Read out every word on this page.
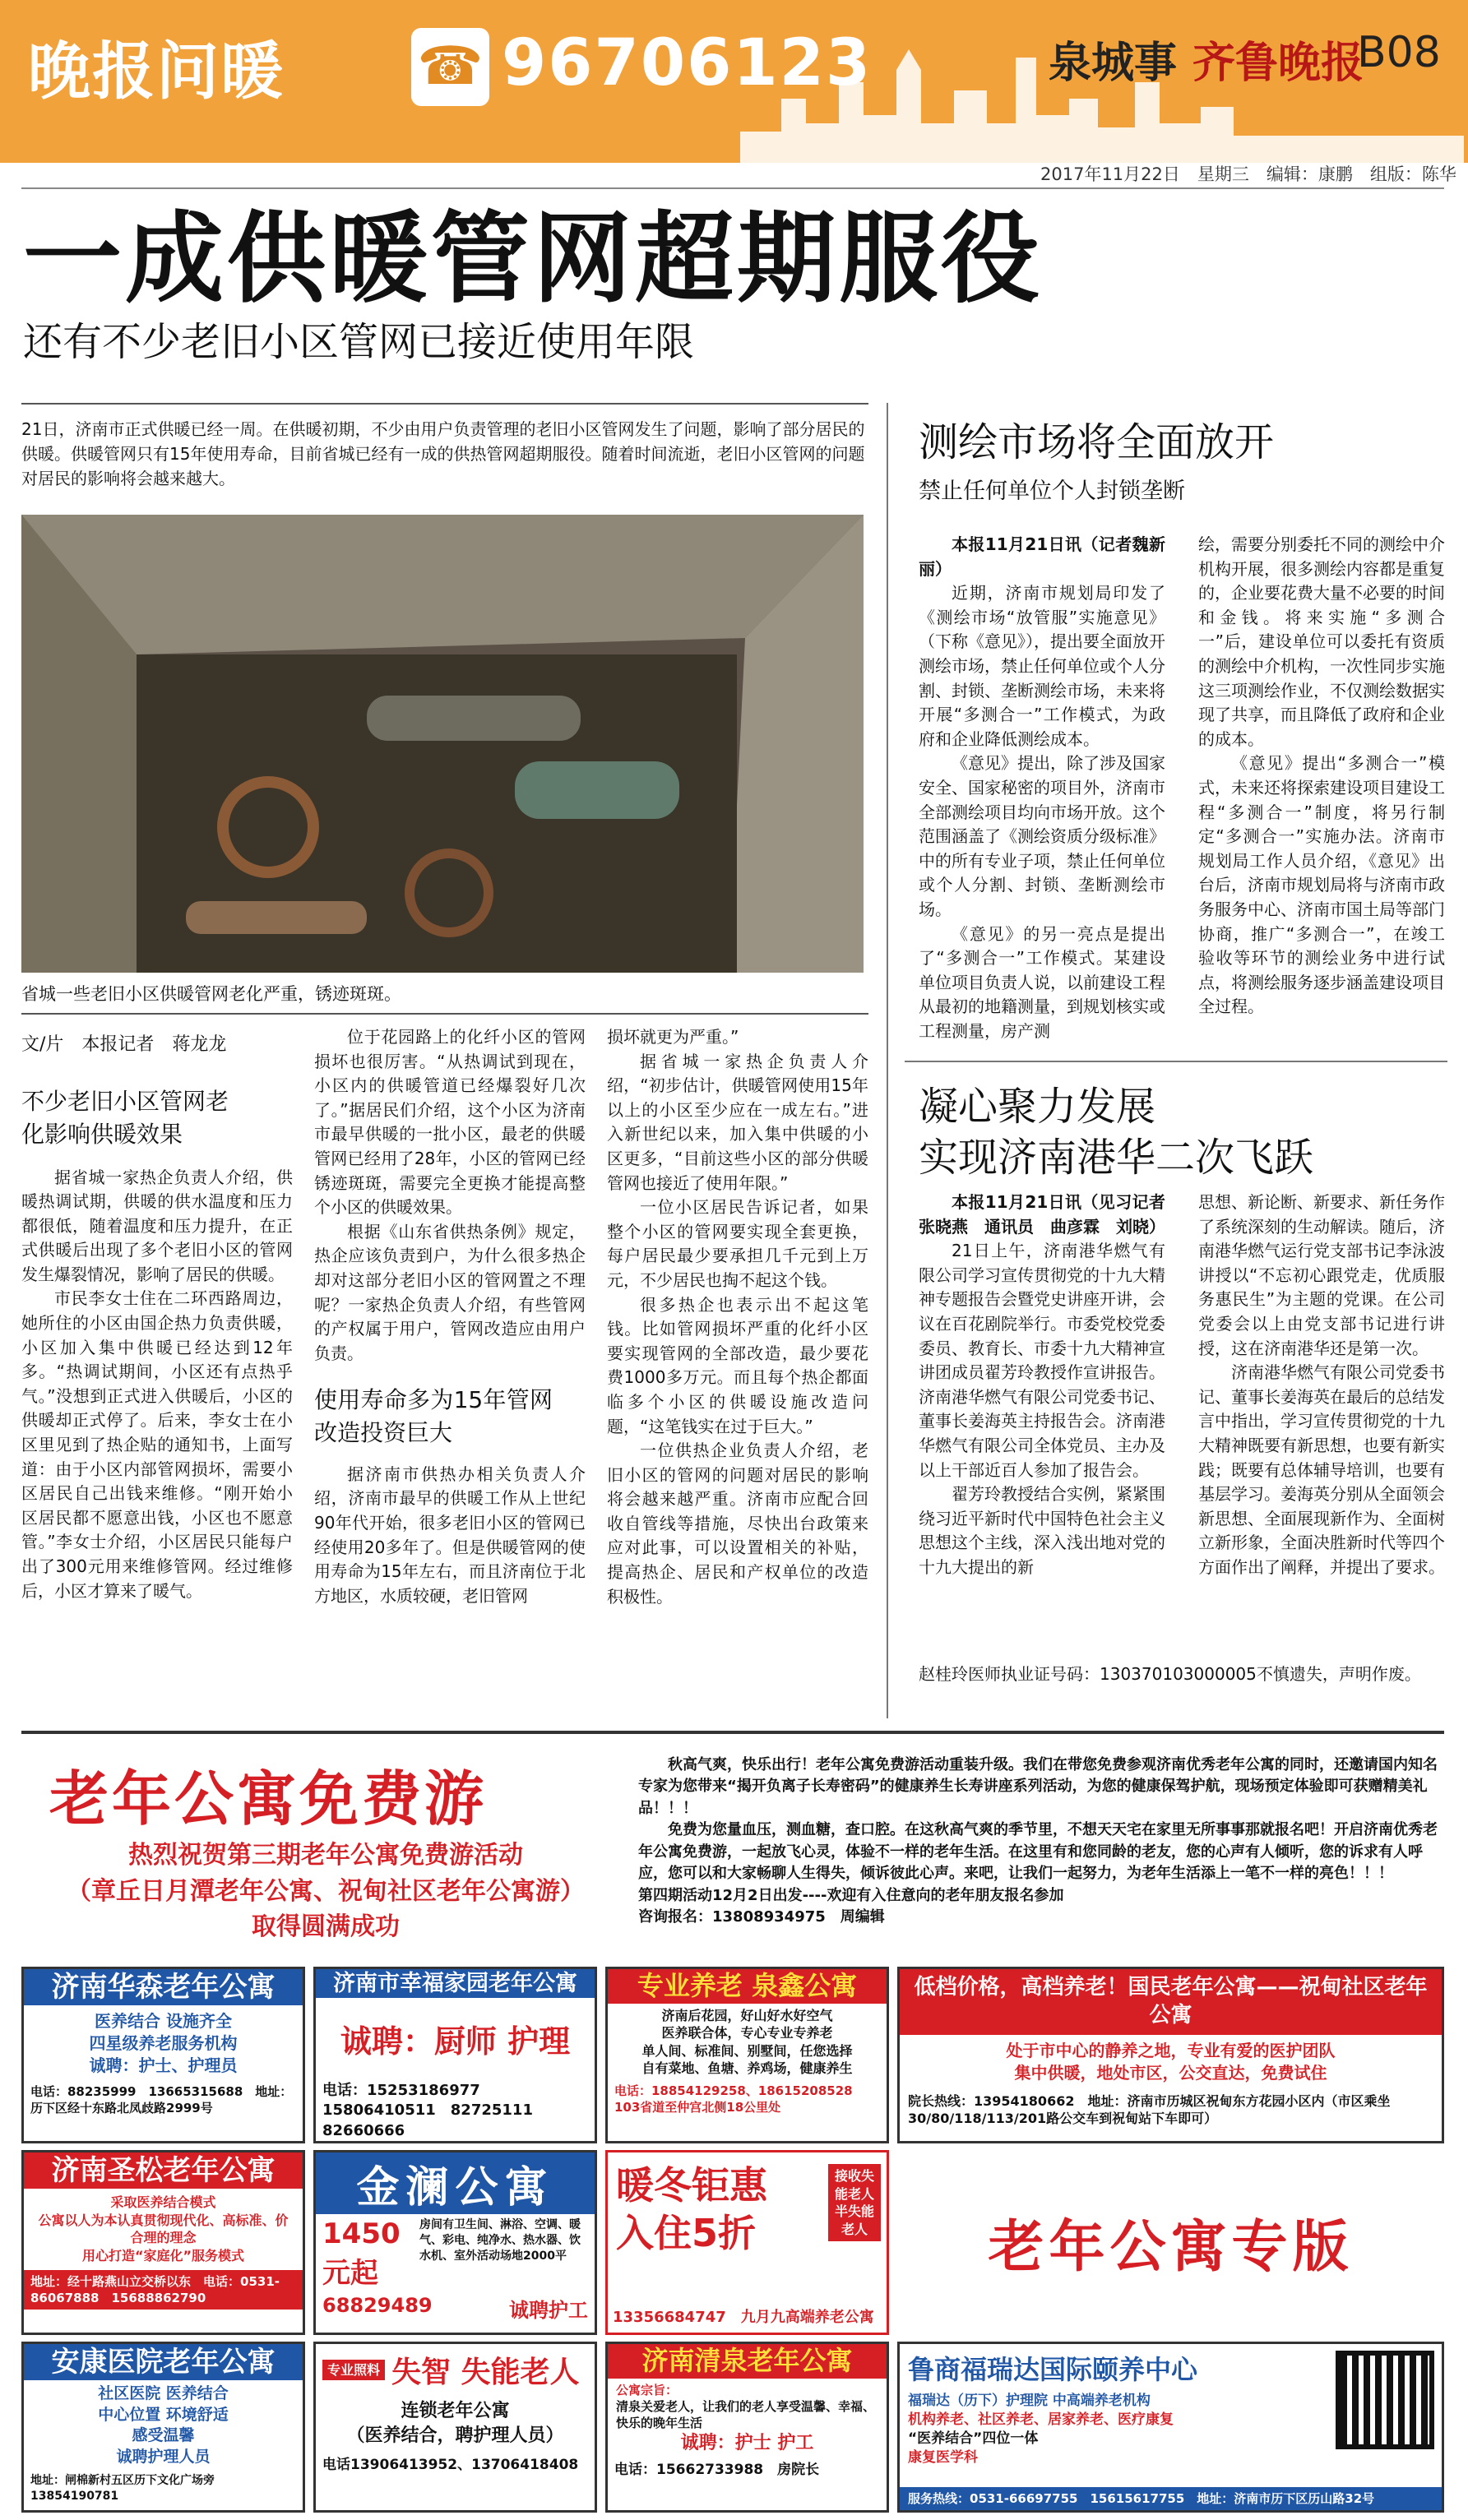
晚报问暖	☎ 96706123	泉城事 齐鲁晚报
B08
2017年11月22日　星期三　编辑：康鹏　组版：陈华
一成供暖管网超期服役
还有不少老旧小区管网已接近使用年限
21日，济南市正式供暖已经一周。在供暖初期，不少由用户负责管理的老旧小区管网发生了问题，影响了部分居民的供暖。供暖管网只有15年使用寿命，目前省城已经有一成的供热管网超期服役。随着时间流逝，老旧小区管网的问题对居民的影响将会越来越大。
省城一些老旧小区供暖管网老化严重，锈迹斑斑。
文/片　本报记者　蒋龙龙
不少老旧小区管网老化影响供暖效果

据省城一家热企负责人介绍，供暖热调试期，供暖的供水温度和压力都很低，随着温度和压力提升，在正式供暖后出现了多个老旧小区的管网发生爆裂情况，影响了居民的供暖。

市民李女士住在二环西路周边，她所住的小区由国企热力负责供暖，小区加入集中供暖已经达到12年多。“热调试期间，小区还有点热乎气。”没想到正式进入供暖后，小区的供暖却正式停了。后来，李女士在小区里见到了热企贴的通知书，上面写道：由于小区内部管网损坏，需要小区居民自己出钱来维修。“刚开始小区居民都不愿意出钱，小区也不愿意管。”李女士介绍，小区居民只能每户出了300元用来维修管网。经过维修后，小区才算来了暖气。

位于花园路上的化纤小区的管网损坏也很厉害。“从热调试到现在，小区内的供暖管道已经爆裂好几次了。”据居民们介绍，这个小区为济南市最早供暖的一批小区，最老的供暖管网已经用了28年，小区的管网已经锈迹斑斑，需要完全更换才能提高整个小区的供暖效果。

根据《山东省供热条例》规定，热企应该负责到户，为什么很多热企却对这部分老旧小区的管网置之不理呢？一家热企负责人介绍，有些管网的产权属于用户，管网改造应由用户负责。

使用寿命多为15年管网改造投资巨大

据济南市供热办相关负责人介绍，济南市最早的供暖工作从上世纪90年代开始，很多老旧小区的管网已经使用20多年了。但是供暖管网的使用寿命为15年左右，而且济南位于北方地区，水质较硬，老旧管网

损坏就更为严重。”

据省城一家热企负责人介绍，“初步估计，供暖管网使用15年以上的小区至少应在一成左右。”进入新世纪以来，加入集中供暖的小区更多，“目前这些小区的部分供暖管网也接近了使用年限。”

一位小区居民告诉记者，如果整个小区的管网要实现全套更换，每户居民最少要承担几千元到上万元，不少居民也掏不起这个钱。

很多热企也表示出不起这笔钱。比如管网损坏严重的化纤小区要实现管网的全部改造，最少要花费1000多万元。而且每个热企都面临多个小区的供暖设施改造问题，“这笔钱实在过于巨大。”

一位供热企业负责人介绍，老旧小区的管网的问题对居民的影响将会越来越严重。济南市应配合回收自管线等措施，尽快出台政策来应对此事，可以设置相关的补贴，提高热企、居民和产权单位的改造积极性。

测绘市场将全面放开
禁止任何单位个人封锁垄断

本报11月21日讯（记者魏新丽）

近期，济南市规划局印发了《测绘市场“放管服”实施意见》（下称《意见》），提出要全面放开测绘市场，禁止任何单位或个人分割、封锁、垄断测绘市场，未来将开展“多测合一”工作模式，为政府和企业降低测绘成本。

《意见》提出，除了涉及国家安全、国家秘密的项目外，济南市全部测绘项目均向市场开放。这个范围涵盖了《测绘资质分级标准》中的所有专业子项，禁止任何单位或个人分割、封锁、垄断测绘市场。

《意见》的另一亮点是提出了“多测合一”工作模式。某建设单位项目负责人说，以前建设工程从最初的地籍测量，到规划核实或工程测量，房产测

绘，需要分别委托不同的测绘中介机构开展，很多测绘内容都是重复的，企业要花费大量不必要的时间和金钱。将来实施“多测合一”后，建设单位可以委托有资质的测绘中介机构，一次性同步实施这三项测绘作业，不仅测绘数据实现了共享，而且降低了政府和企业的成本。

《意见》提出“多测合一”模式，未来还将探索建设项目建设工程“多测合一”制度，将另行制定“多测合一”实施办法。济南市规划局工作人员介绍，《意见》出台后，济南市规划局将与济南市政务服务中心、济南市国土局等部门协商，推广“多测合一”，在竣工验收等环节的测绘业务中进行试点，将测绘服务逐步涵盖建设项目全过程。

凝心聚力发展
实现济南港华二次飞跃

本报11月21日讯（见习记者　张晓燕　通讯员　曲彦霖　刘晓）

21日上午，济南港华燃气有限公司学习宣传贯彻党的十九大精神专题报告会暨党史讲座开讲，会议在百花剧院举行。市委党校党委委员、教育长、市委十九大精神宣讲团成员翟芳玲教授作宣讲报告。济南港华燃气有限公司党委书记、董事长姜海英主持报告会。济南港华燃气有限公司全体党员、主办及以上干部近百人参加了报告会。

翟芳玲教授结合实例，紧紧围绕习近平新时代中国特色社会主义思想这个主线，深入浅出地对党的十九大提出的新

思想、新论断、新要求、新任务作了系统深刻的生动解读。随后，济南港华燃气运行党支部书记李泳波讲授以“不忘初心跟党走，优质服务惠民生”为主题的党课。在公司党委会以上由党支部书记进行讲授，这在济南港华还是第一次。

济南港华燃气有限公司党委书记、董事长姜海英在最后的总结发言中指出，学习宣传贯彻党的十九大精神既要有新思想，也要有新实践；既要有总体辅导培训，也要有基层学习。姜海英分别从全面领会新思想、全面展现新作为、全面树立新形象，全面决胜新时代等四个方面作出了阐释，并提出了要求。

赵桂玲医师执业证号码：130370103000005不慎遗失，声明作废。
老年公寓免费游
热烈祝贺第三期老年公寓免费游活动
（章丘日月潭老年公寓、祝甸社区老年公寓游）
取得圆满成功

秋高气爽，快乐出行！老年公寓免费游活动重装升级。我们在带您免费参观济南优秀老年公寓的同时，还邀请国内知名专家为您带来“揭开负离子长寿密码”的健康养生长寿讲座系列活动，为您的健康保驾护航，现场预定体验即可获赠精美礼品！！！

免费为您量血压，测血糖，查口腔。在这秋高气爽的季节里，不想天天宅在家里无所事事那就报名吧！开启济南优秀老年公寓免费游，一起放飞心灵，体验不一样的老年生活。在这里有和您同龄的老友，您的心声有人倾听，您的诉求有人呼应，您可以和大家畅聊人生得失，倾诉彼此心声。来吧，让我们一起努力，为老年生活添上一笔不一样的亮色！！！

第四期活动12月2日出发----欢迎有入住意向的老年朋友报名参加

咨询报名：13808934975　周编辑

济南华森老年公寓
医养结合 设施齐全
四星级养老服务机构
诚聘：护士、护理员
电话：88235999　13665315688　地址：历下区经十东路北凤歧路2999号
济南市幸福家园老年公寓
诚聘：厨师 护理
电话：15253186977　15806410511　82725111　82660666
专业养老 泉鑫公寓
济南后花园，好山好水好空气
医养联合体，专心专业专养老
单人间、标准间、别墅间，任您选择
自有菜地、鱼塘、养鸡场，健康养生
电话：18854129258、18615208528　103省道至仲宫北侧18公里处
低档价格，高档养老！国民老年公寓——祝甸社区老年公寓
处于市中心的静养之地，专业有爱的医护团队
集中供暖，地处市区，公交直达，免费试住
院长热线：13954180662　地址：济南市历城区祝甸东方花园小区内（市区乘坐30/80/118/113/201路公交车到祝甸站下车即可）
济南圣松老年公寓
采取医养结合模式
公寓以人为本认真贯彻现代化、高标准、价合理的理念
用心打造“家庭化”服务模式
地址：经十路燕山立交桥以东　电话：0531-86067888　15688862790
金澜公寓
1450元起
房间有卫生间、淋浴、空调、暖气、彩电、纯净水、热水器、饮水机、室外活动场地2000平
68829489	诚聘护工
暖冬钜惠 入住5折
接收失能老人
半失能老人
13356684747　九月九高端养老公寓
老年公寓专版
安康医院老年公寓
社区医院 医养结合
中心位置 环境舒适
感受温馨
诚聘护理人员
地址：闸棉新村五区历下文化广场旁　13854190781
专业照料 失智 失能老人
连锁老年公寓
（医养结合，聘护理人员）
电话13906413952、13706418408
济南清泉老年公寓
公寓宗旨：
清泉关爱老人，让我们的老人享受温馨、幸福、快乐的晚年生活
诚聘：护士 护工
电话：15662733988　房院长
鲁商福瑞达国际颐养中心
福瑞达（历下）护理院 中高端养老机构
机构养老、社区养老、居家养老、医疗康复
“医养结合”四位一体
康复医学科
服务热线：0531-66697755　15615617755　地址：济南市历下区历山路32号
